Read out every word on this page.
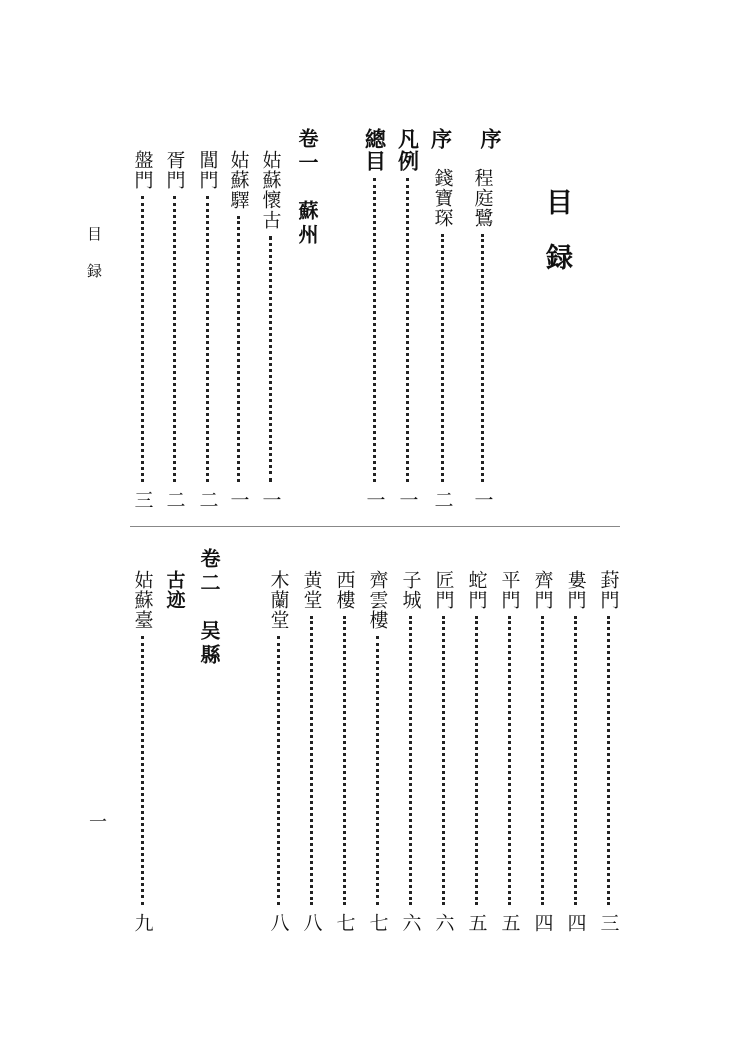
目録
目録
一
序
程庭鷺
一
序
錢寶琛
二
凡例
一
總目
一
卷一　蘇州
姑蘇懷古
一
姑蘇驛
一
閶門
二
胥門
二
盤門
三
葑門
三
婁門
四
齊門
四
平門
五
蛇門
五
匠門
六
子城
六
齊雲樓
七
西樓
七
黄堂
八
木蘭堂
八
卷二　吴縣
古迹
姑蘇臺
九
